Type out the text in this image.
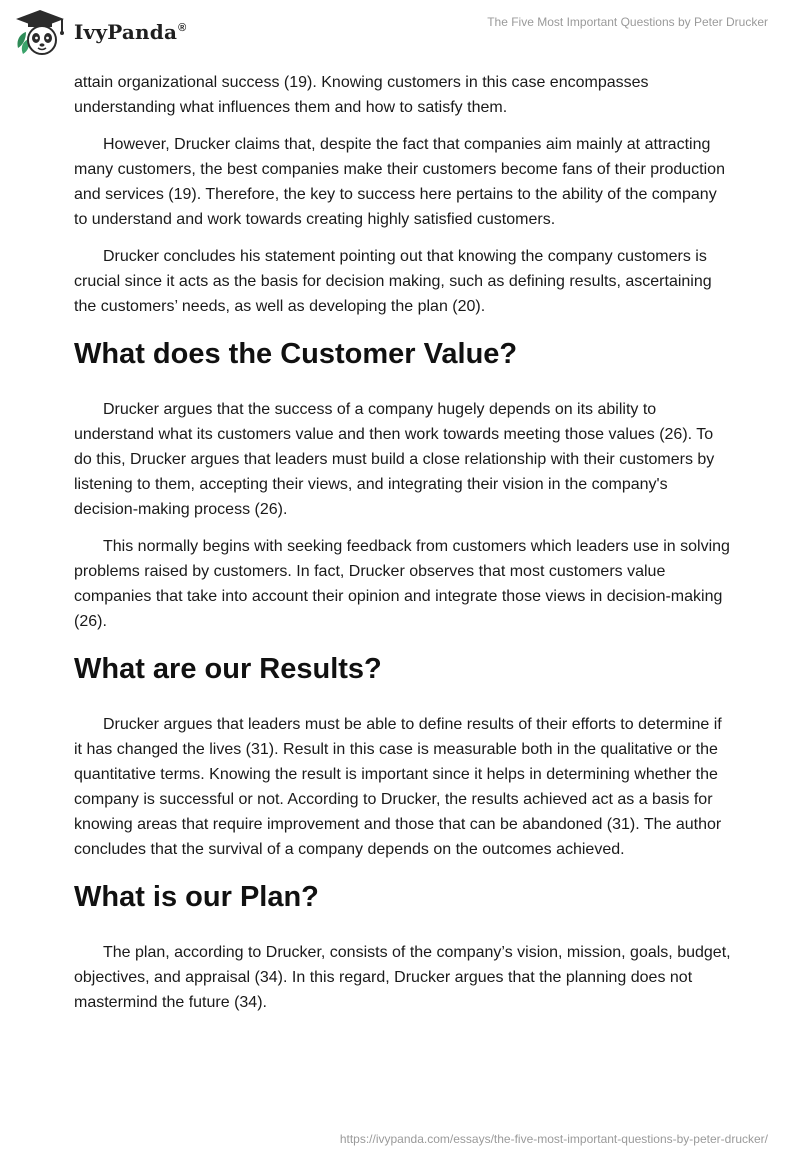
IvyPanda®	The Five Most Important Questions by Peter Drucker

attain organizational success (19). Knowing customers in this case encompasses understanding what influences them and how to satisfy them.

However, Drucker claims that, despite the fact that companies aim mainly at attracting many customers, the best companies make their customers become fans of their production and services (19). Therefore, the key to success here pertains to the ability of the company to understand and work towards creating highly satisfied customers.

Drucker concludes his statement pointing out that knowing the company customers is crucial since it acts as the basis for decision making, such as defining results, ascertaining the customers’ needs, as well as developing the plan (20).

What does the Customer Value?

Drucker argues that the success of a company hugely depends on its ability to understand what its customers value and then work towards meeting those values (26). To do this, Drucker argues that leaders must build a close relationship with their customers by listening to them, accepting their views, and integrating their vision in the company's decision-making process (26).

This normally begins with seeking feedback from customers which leaders use in solving problems raised by customers. In fact, Drucker observes that most customers value companies that take into account their opinion and integrate those views in decision-making (26).

What are our Results?

Drucker argues that leaders must be able to define results of their efforts to determine if it has changed the lives (31). Result in this case is measurable both in the qualitative or the quantitative terms. Knowing the result is important since it helps in determining whether the company is successful or not. According to Drucker, the results achieved act as a basis for knowing areas that require improvement and those that can be abandoned (31). The author concludes that the survival of a company depends on the outcomes achieved.

What is our Plan?

The plan, according to Drucker, consists of the company’s vision, mission, goals, budget, objectives, and appraisal (34). In this regard, Drucker argues that the planning does not mastermind the future (34).

https://ivypanda.com/essays/the-five-most-important-questions-by-peter-drucker/
